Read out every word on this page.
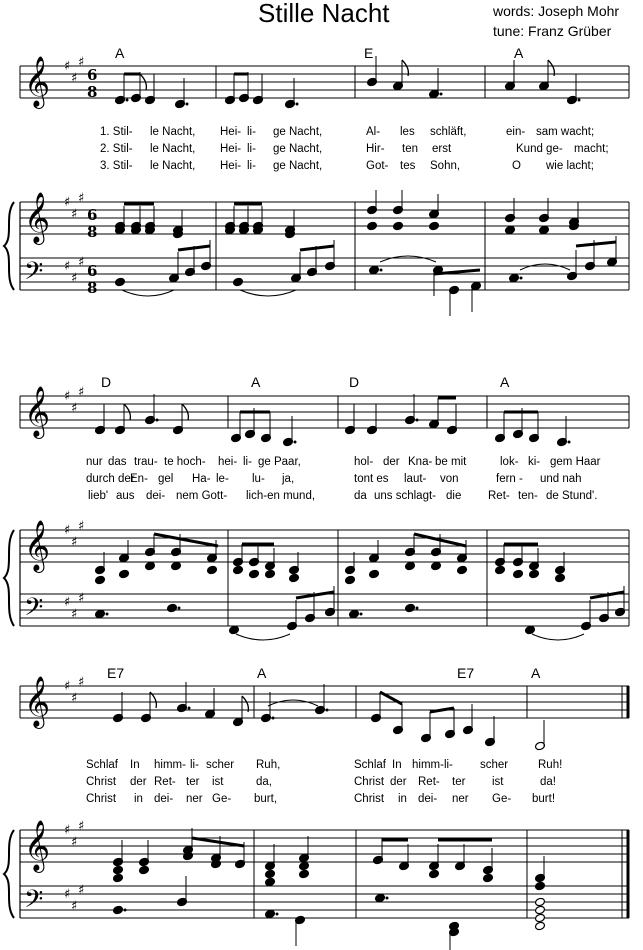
Stille Nacht	words: Joseph Mohr
tune: Franz Grüber
A	E	A
D	A	D	A
E7	A	E7	A
1. Stil- le Nacht, Hei- li- ge Nacht,	Al- les schläft,	ein- sam wacht;
2. Stil- le Nacht, Hei- li- ge Nacht,	Hir- ten erst	Kund ge- macht;
3. Stil- le Nacht, Hei- li- ge Nacht,	Got- tes Sohn,	O wie lacht;
nur das trau- te hoch- hei- li- ge Paar,	hol- der Kna- be mit	lok- ki- gem Haar
durch der
En- gel Ha- le- lu- ja,	tont es laut- von	fern - und nah
lieb' aus dei- nem Gott- lich-en mund,	da uns schlagt- die Ret- ten- de Stund'.
Schlaf In himm- li- scher Ruh,	Schlaf In himm-li- scher	Ruh!
Christ der Ret- ter ist	da,	Christ der Ret- ter ist	da!
Christ in dei- ner Ge- burt,	Christ in dei- ner Ge- burt!
6
8
6
8
6
8
𝄞
𝄞
𝄢
♯
♯
♯
♯
♯
♯
♯
♯
♯
𝄞
𝄞
𝄢
♯
♯
♯
♯
♯
♯
♯
♯
♯
𝄞
𝄞
𝄢
♯
♯
♯
♯
♯
♯
♯
♯
♯
